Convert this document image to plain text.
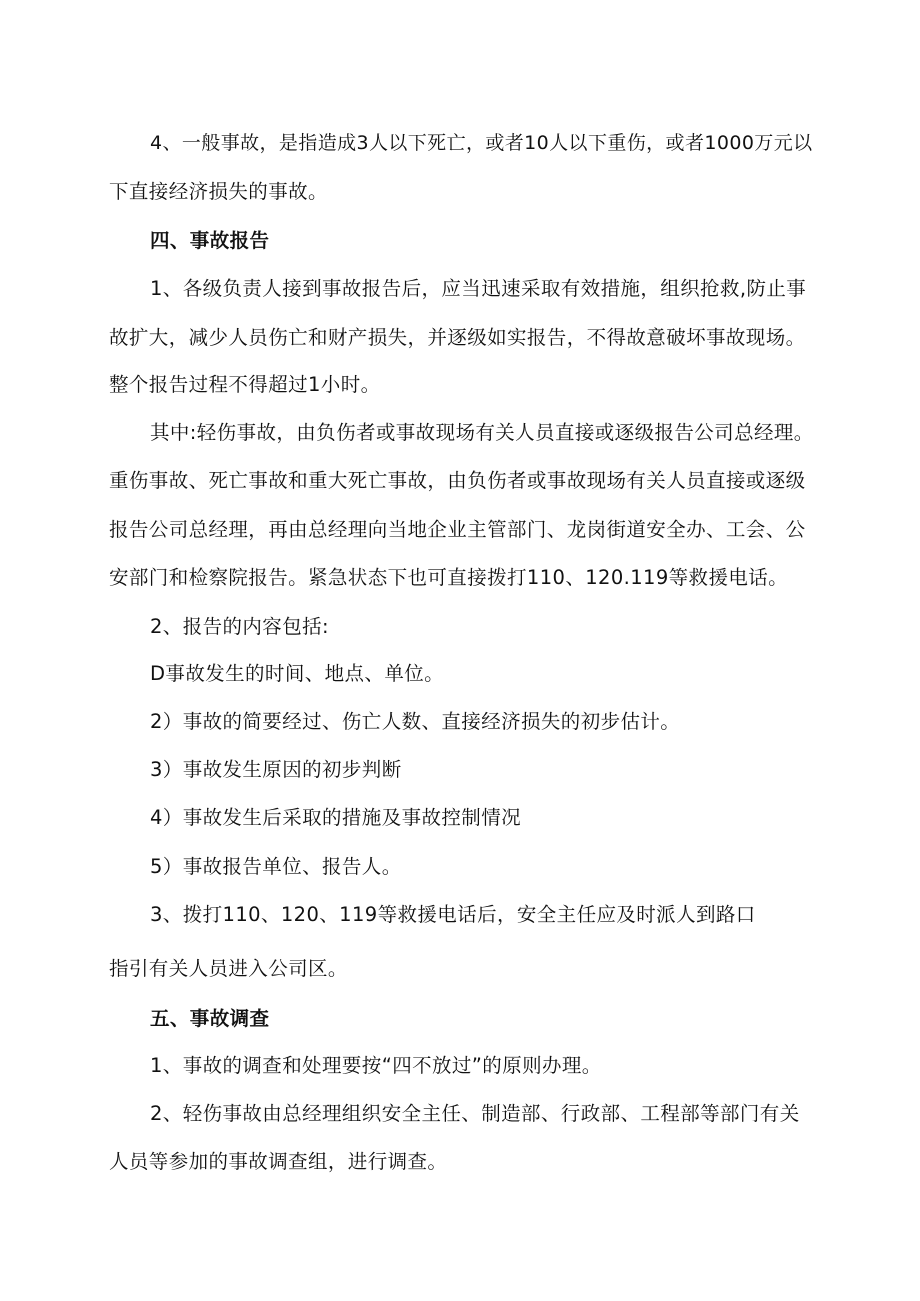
4、一般事故，是指造成3人以下死亡，或者10人以下重伤，或者1000万元以
下直接经济损失的事故。
四、事故报告
1、各级负责人接到事故报告后，应当迅速采取有效措施，组织抢救,防止事
故扩大，减少人员伤亡和财产损失，并逐级如实报告，不得故意破坏事故现场。
整个报告过程不得超过1小时。
其中:轻伤事故，由负伤者或事故现场有关人员直接或逐级报告公司总经理。
重伤事故、死亡事故和重大死亡事故，由负伤者或事故现场有关人员直接或逐级
报告公司总经理，再由总经理向当地企业主管部门、龙岗街道安全办、工会、公
安部门和检察院报告。紧急状态下也可直接拨打110、120.119等救援电话。
2、报告的内容包括:
D事故发生的时间、地点、单位。
2）事故的简要经过、伤亡人数、直接经济损失的初步估计。
3）事故发生原因的初步判断
4）事故发生后采取的措施及事故控制情况
5）事故报告单位、报告人。
3、拨打110、120、119等救援电话后，安全主任应及时派人到路口
指引有关人员进入公司区。
五、事故调查
1、事故的调查和处理要按“四不放过”的原则办理。
2、轻伤事故由总经理组织安全主任、制造部、行政部、工程部等部门有关
人员等参加的事故调查组，进行调查。
